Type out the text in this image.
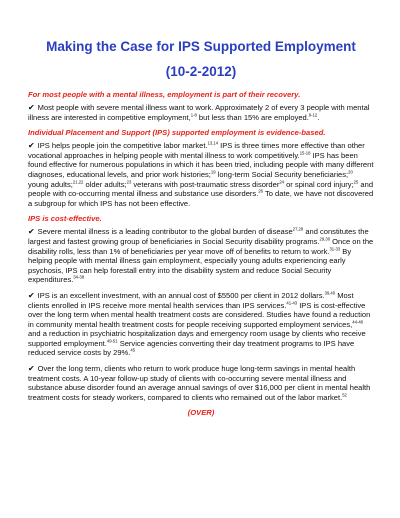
Making the Case for IPS Supported Employment
(10-2-2012)
For most people with a mental illness, employment is part of their recovery.

✔ Most people with severe mental illness want to work. Approximately 2 of every 3 people with mental illness are interested in competitive employment,$^{1-8}$ but less than 15% are employed.$^{9-12}$.

Individual Placement and Support (IPS) supported employment is evidence-based.

✔ IPS helps people join the competitive labor market.$^{13,14}$ IPS is three times more effective than other vocational approaches in helping people with mental illness to work competitively.$^{15-18}$ IPS has been found effective for numerous populations in which it has been tried, including people with many different diagnoses, educational levels, and prior work histories;$^{19}$ long-term Social Security beneficiaries;$^{20}$ young adults;$^{21,22}$ older adults;$^{23}$ veterans with post-traumatic stress disorder$^{24}$ or spinal cord injury;$^{25}$ and people with co-occurring mental illness and substance use disorders.$^{26}$ To date, we have not discovered a subgroup for which IPS has not been effective.

IPS is cost-effective.

✔ Severe mental illness is a leading contributor to the global burden of disease$^{27,28}$ and constitutes the largest and fastest growing group of beneficiaries in Social Security disability programs.$^{29,30}$ Once on the disability rolls, less than 1% of beneficiaries per year move off of benefits to return to work.$^{31-33}$ By helping people with mental illness gain employment, especially young adults experiencing early psychosis, IPS can help forestall entry into the disability system and reduce Social Security expenditures.$^{34-38}$

✔ IPS is an excellent investment, with an annual cost of $5500 per client in 2012 dollars.$^{39,40}$ Most clients enrolled in IPS receive more mental health services than IPS services.$^{41-43}$ IPS is cost-effective over the long term when mental health treatment costs are considered. Studies have found a reduction in community mental health treatment costs for people receiving supported employment services,$^{44-48}$ and a reduction in psychiatric hospitalization days and emergency room usage by clients who receive supported employment.$^{49-51}$ Service agencies converting their day treatment programs to IPS have reduced service costs by 29%.$^{45}$

✔ Over the long term, clients who return to work produce huge long-term savings in mental health treatment costs. A 10-year follow-up study of clients with co-occurring severe mental illness and substance abuse disorder found an average annual savings of over $16,000 per client in mental health treatment costs for steady workers, compared to clients who remained out of the labor market.$^{52}$

(OVER)
